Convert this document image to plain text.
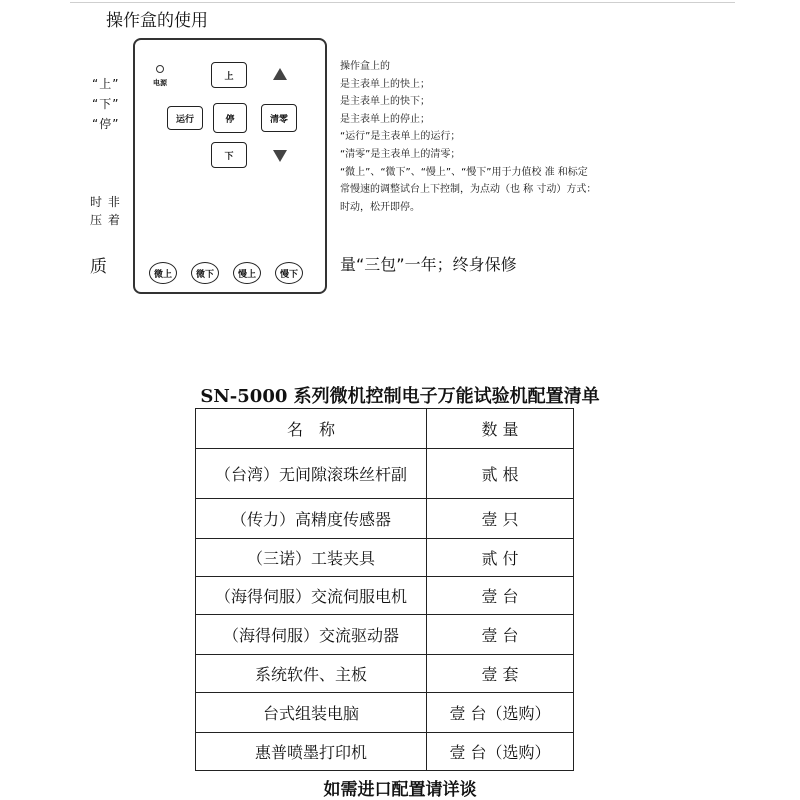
操作盒的使用
“上”
“下”
“停”
时 非
压 着
电源
上
运行	停	清零
下
微上	微下	慢上	慢下
操作盒上的
是主表单上的快上；
是主表单上的快下；
是主表单上的停止；
“运行”是主表单上的运行；
“清零”是主表单上的清零；
“微上”、“微下”、“慢上”、“慢下”用于力值校 准 和标定
常慢速的调整试台上下控制，为点动（也 称 寸动）方式：
时动，松开即停。
质	量“三包”一年；终身保修
SN-5000 系列微机控制电子万能试验机配置清单
名　称	数 量
（台湾）无间隙滚珠丝杆副	贰 根
（传力）高精度传感器	壹 只
（三诺）工装夹具	贰 付
（海得伺服）交流伺服电机	壹 台
（海得伺服）交流驱动器	壹 台
系统软件、主板	壹 套
台式组装电脑	壹 台（选购）
惠普喷墨打印机	壹 台（选购）
如需进口配置请详谈
